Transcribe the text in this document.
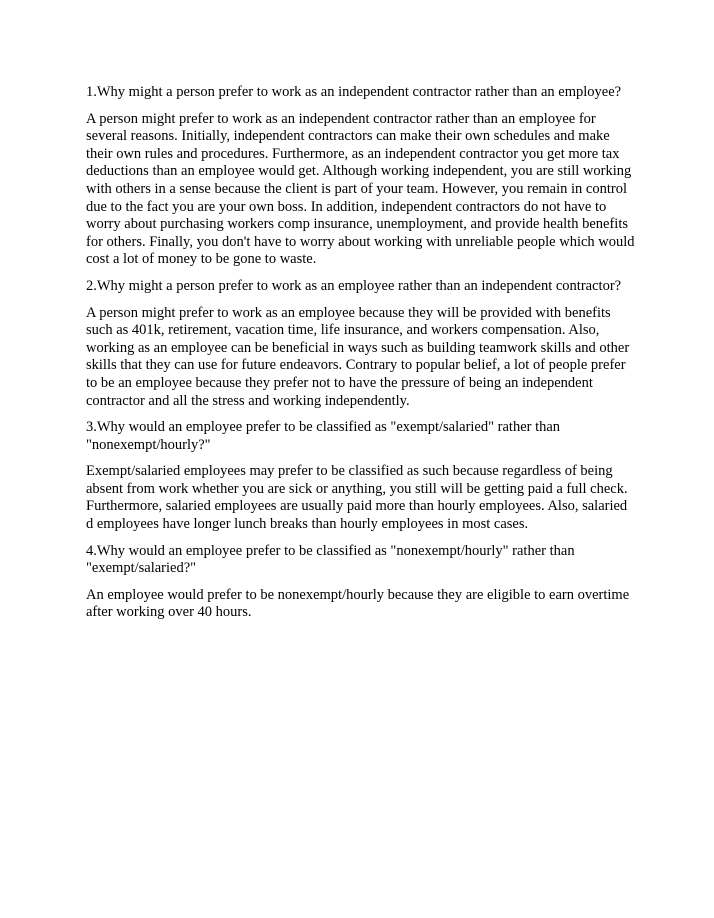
1.Why might a person prefer to work as an independent contractor rather than an employee?

A person might prefer to work as an independent contractor rather than an employee for several reasons. Initially, independent contractors can make their own schedules and make their own rules and procedures. Furthermore, as an independent contractor you get more tax deductions than an employee would get. Although working independent, you are still working with others in a sense because the client is part of your team. However, you remain in control due to the fact you are your own boss. In addition, independent contractors do not have to worry about purchasing workers comp insurance, unemployment, and provide health benefits for others. Finally, you don't have to worry about working with unreliable people which would cost a lot of money to be gone to waste.

2.Why might a person prefer to work as an employee rather than an independent contractor?

A person might prefer to work as an employee because they will be provided with benefits such as 401k, retirement, vacation time, life insurance, and workers compensation. Also, working as an employee can be beneficial in ways such as building teamwork skills and other skills that they can use for future endeavors. Contrary to popular belief, a lot of people prefer to be an employee because they prefer not to have the pressure of being an independent contractor and all the stress and working independently.

3.Why would an employee prefer to be classified as "exempt/salaried" rather than "nonexempt/hourly?"

Exempt/salaried employees may prefer to be classified as such because regardless of being absent from work whether you are sick or anything, you still will be getting paid a full check. Furthermore, salaried employees are usually paid more than hourly employees. Also, salaried d employees have longer lunch breaks than hourly employees in most cases.

4.Why would an employee prefer to be classified as "nonexempt/hourly" rather than "exempt/salaried?"

An employee would prefer to be nonexempt/hourly because they are eligible to earn overtime after working over 40 hours.
